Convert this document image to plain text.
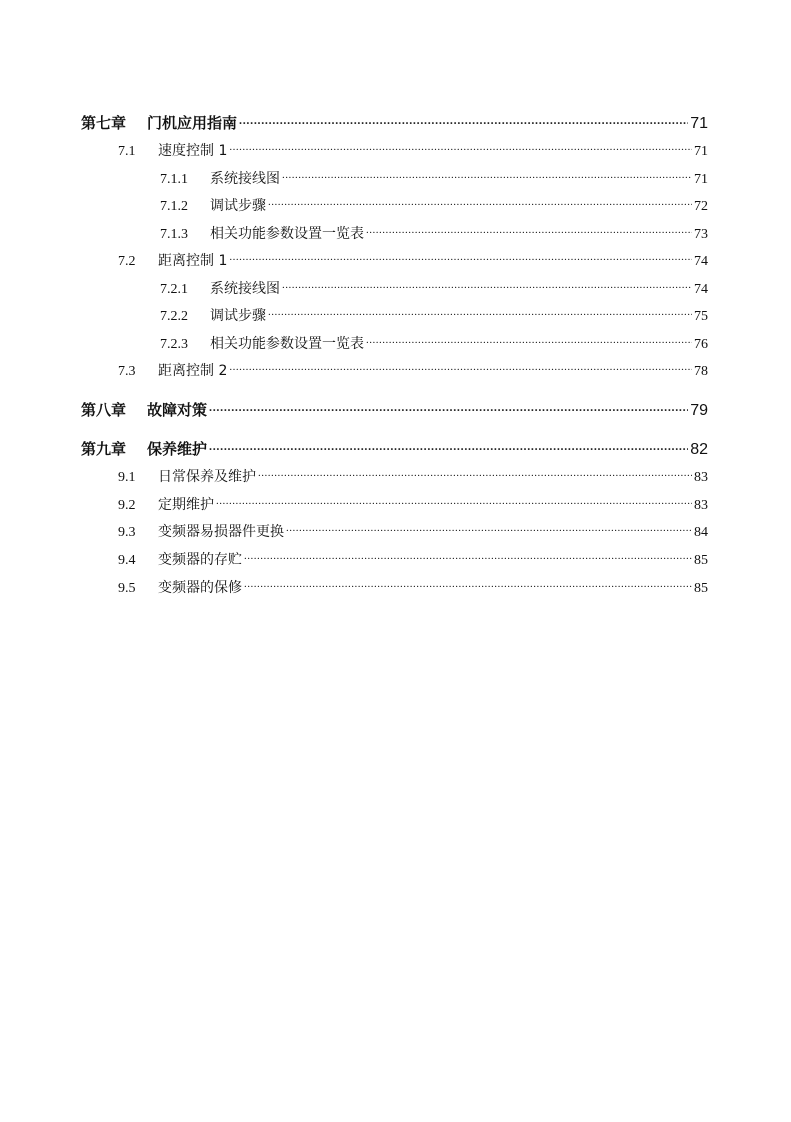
第七章	门机应用指南 .....	71
7.1	速度控制 1 .....	71
7.1.1	系统接线图 .....	71
7.1.2	调试步骤 .....	72
7.1.3	相关功能参数设置一览表 .....	73
7.2	距离控制 1 .....	74
7.2.1	系统接线图 .....	74
7.2.2	调试步骤 .....	75
7.2.3	相关功能参数设置一览表 .....	76
7.3	距离控制 2 .....	78
第八章	故障对策 .....	79
第九章	保养维护 .....	82
9.1	日常保养及维护 .....	83
9.2	定期维护 .....	83
9.3	变频器易损器件更换 .....	84
9.4	变频器的存贮 .....	85
9.5	变频器的保修 .....	85
